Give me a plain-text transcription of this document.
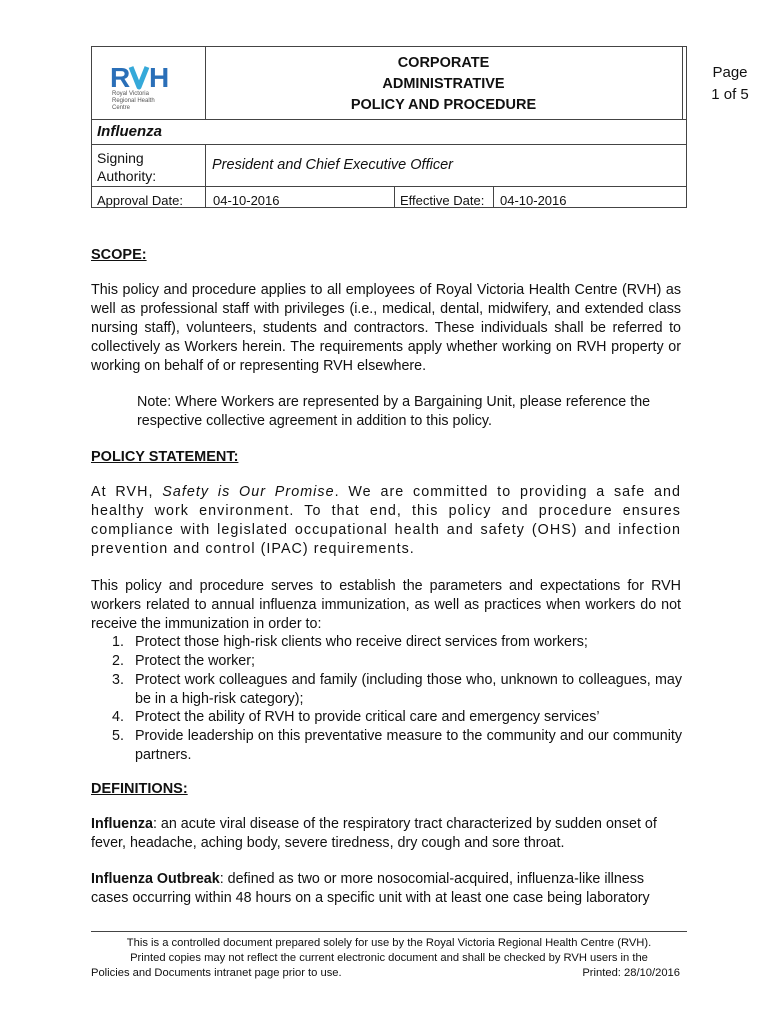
R H
Royal Victoria Regional Health Centre
CORPORATE
ADMINISTRATIVE
POLICY AND PROCEDURE
Page
1 of 5
Influenza
Signing
Authority:
President and Chief Executive Officer
Approval Date: 04-10-2016	Effective Date: 04-10-2016
SCOPE:
This policy and procedure applies to all employees of Royal Victoria Health Centre (RVH) as well as professional staff with privileges (i.e., medical, dental, midwifery, and extended class nursing staff), volunteers, students and contractors. These individuals shall be referred to collectively as Workers herein. The requirements apply whether working on RVH property or working on behalf of or representing RVH elsewhere.
Note: Where Workers are represented by a Bargaining Unit, please reference the respective collective agreement in addition to this policy.
POLICY STATEMENT:
At RVH, Safety is Our Promise. We are committed to providing a safe and healthy work environment. To that end, this policy and procedure ensures compliance with legislated occupational health and safety (OHS) and infection prevention and control (IPAC) requirements.
This policy and procedure serves to establish the parameters and expectations for RVH workers related to annual influenza immunization, as well as practices when workers do not receive the immunization in order to:
1. Protect those high-risk clients who receive direct services from workers;
2. Protect the worker;
3. Protect work colleagues and family (including those who, unknown to colleagues, may be in a high-risk category);
4. Protect the ability of RVH to provide critical care and emergency services’
5. Provide leadership on this preventative measure to the community and our community partners.
DEFINITIONS:
Influenza: an acute viral disease of the respiratory tract characterized by sudden onset of fever, headache, aching body, severe tiredness, dry cough and sore throat.
Influenza Outbreak: defined as two or more nosocomial-acquired, influenza-like illness cases occurring within 48 hours on a specific unit with at least one case being laboratory
This is a controlled document prepared solely for use by the Royal Victoria Regional Health Centre (RVH).
Printed copies may not reflect the current electronic document and shall be checked by RVH users in the
Policies and Documents intranet page prior to use.	Printed: 28/10/2016
